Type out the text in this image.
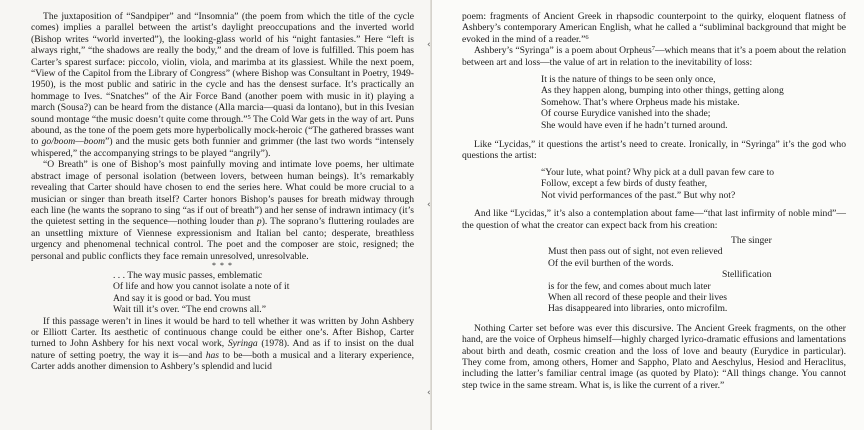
The juxtaposition of “Sandpiper” and “Insomnia” (the poem from which the title of the cycle comes) implies a parallel between the artist’s daylight preoccupations and the inverted world (Bishop writes “world inverted”), the looking-glass world of his “night fantasies.” Here “left is always right,” “the shadows are really the body,” and the dream of love is fulfilled. This poem has Carter’s sparest surface: piccolo, violin, viola, and marimba at its glassiest. While the next poem, “View of the Capitol from the Library of Congress” (where Bishop was Consultant in Poetry, 1949-1950), is the most public and satiric in the cycle and has the densest surface. It’s practically an hommage to Ives. “Snatches” of the Air Force Band (another poem with music in it) playing a march (Sousa?) can be heard from the distance (Alla marcia—quasi da lontano), but in this Ivesian sound montage “the music doesn’t quite come through.”$^5$ The Cold War gets in the way of art. Puns abound, as the tone of the poem gets more hyperbolically mock-heroic (“The gathered brasses want to go/boom—boom”) and the music gets both funnier and grimmer (the last two words “intensely whispered,” the accompanying strings to be played “angrily”).

“O Breath” is one of Bishop’s most painfully moving and intimate love poems, her ultimate abstract image of personal isolation (between lovers, between human beings). It’s remarkably revealing that Carter should have chosen to end the series here. What could be more crucial to a musician or singer than breath itself? Carter honors Bishop’s pauses for breath midway through each line (he wants the soprano to sing “as if out of breath”) and her sense of indrawn intimacy (it’s the quietest setting in the sequence—nothing louder than p). The soprano’s fluttering roulades are an unsettling mixture of Viennese expressionism and Italian bel canto; desperate, breathless urgency and phenomenal technical control. The poet and the composer are stoic, resigned; the personal and public conflicts they face remain unresolved, unresolvable.

* * *
. . . The way music passes, emblematic
Of life and how you cannot isolate a note of it
And say it is good or bad. You must
Wait till it’s over. “The end crowns all.”

If this passage weren’t in lines it would be hard to tell whether it was written by John Ashbery or Elliott Carter. Its aesthetic of continuous change could be either one’s. After Bishop, Carter turned to John Ashbery for his next vocal work, Syringa (1978). And as if to insist on the dual nature of setting poetry, the way it is—and has to be—both a musical and a literary experience, Carter adds another dimension to Ashbery’s splendid and lucid

poem: fragments of Ancient Greek in rhapsodic counterpoint to the quirky, eloquent flatness of Ashbery’s contemporary American English, what he called a “subliminal background that might be evoked in the mind of a reader.”$^6$

Ashbery’s “Syringa” is a poem about Orpheus$^7$—which means that it’s a poem about the relation between art and loss—the value of art in relation to the inevitability of loss:

It is the nature of things to be seen only once,
As they happen along, bumping into other things, getting along
Somehow. That’s where Orpheus made his mistake.
Of course Eurydice vanished into the shade;
She would have even if he hadn’t turned around.

Like “Lycidas,” it questions the artist’s need to create. Ironically, in “Syringa” it’s the god who questions the artist:

“Your lute, what point? Why pick at a dull pavan few care to
Follow, except a few birds of dusty feather,
Not vivid performances of the past.” But why not?

And like “Lycidas,” it’s also a contemplation about fame—“that last infirmity of noble mind”—the question of what the creator can expect back from his creation:

The singer
Must then pass out of sight, not even relieved
Of the evil burthen of the words.
Stellification
is for the few, and comes about much later
When all record of these people and their lives
Has disappeared into libraries, onto microfilm.

Nothing Carter set before was ever this discursive. The Ancient Greek fragments, on the other hand, are the voice of Orpheus himself—highly charged lyrico-dramatic effusions and lamentations about birth and death, cosmic creation and the loss of love and beauty (Eurydice in particular). They come from, among others, Homer and Sappho, Plato and Aeschylus, Hesiod and Heraclitus, including the latter’s familiar central image (as quoted by Plato): “All things change. You cannot step twice in the same stream. What is, is like the current of a river.”

‹
‹
‹
